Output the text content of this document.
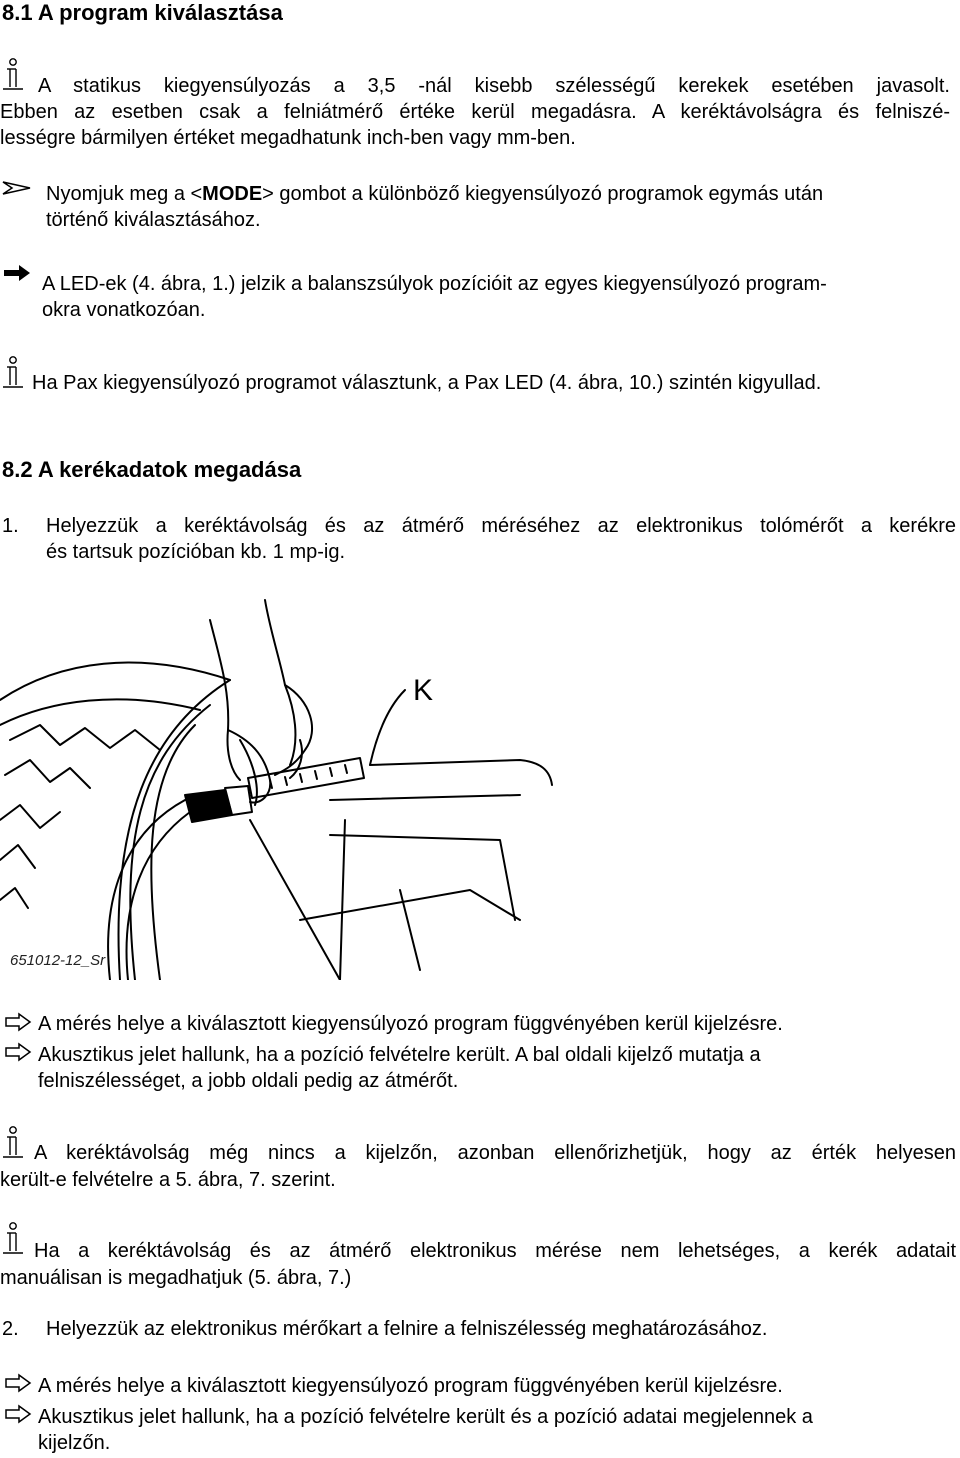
8.1 A program kiválasztása
A statikus kiegyensúlyozás a 3,5 -nál kisebb szélességű kerekek esetében javasolt.
Ebben az esetben csak a felniátmérő értéke kerül megadásra. A keréktávolságra és felniszé-
lességre bármilyen értéket megadhatunk inch-ben vagy mm-ben.
Nyomjuk meg a <MODE> gombot a különböző kiegyensúlyozó programok egymás után
történő kiválasztásához.
A LED-ek (4. ábra, 1.) jelzik a balanszsúlyok pozícióit az egyes kiegyensúlyozó program-
okra vonatkozóan.
Ha Pax kiegyensúlyozó programot választunk, a Pax LED (4. ábra, 10.) szintén kigyullad.
8.2 A kerékadatok megadása
1. Helyezzük a keréktávolság és az átmérő méréséhez az elektronikus tolómérőt a kerékre
és tartsuk pozícióban kb. 1 mp-ig.
K
651012-12_Sr
A mérés helye a kiválasztott kiegyensúlyozó program függvényében kerül kijelzésre.
Akusztikus jelet hallunk, ha a pozíció felvételre került. A bal oldali kijelző mutatja a
felniszélességet, a jobb oldali pedig az átmérőt.
A keréktávolság még nincs a kijelzőn, azonban ellenőrizhetjük, hogy az érték helyesen
került-e felvételre a 5. ábra, 7. szerint.
Ha a keréktávolság és az átmérő elektronikus mérése nem lehetséges, a kerék adatait
manuálisan is megadhatjuk (5. ábra, 7.)
2. Helyezzük az elektronikus mérőkart a felnire a felniszélesség meghatározásához.
A mérés helye a kiválasztott kiegyensúlyozó program függvényében kerül kijelzésre.
Akusztikus jelet hallunk, ha a pozíció felvételre került és a pozíció adatai megjelennek a
kijelzőn.
